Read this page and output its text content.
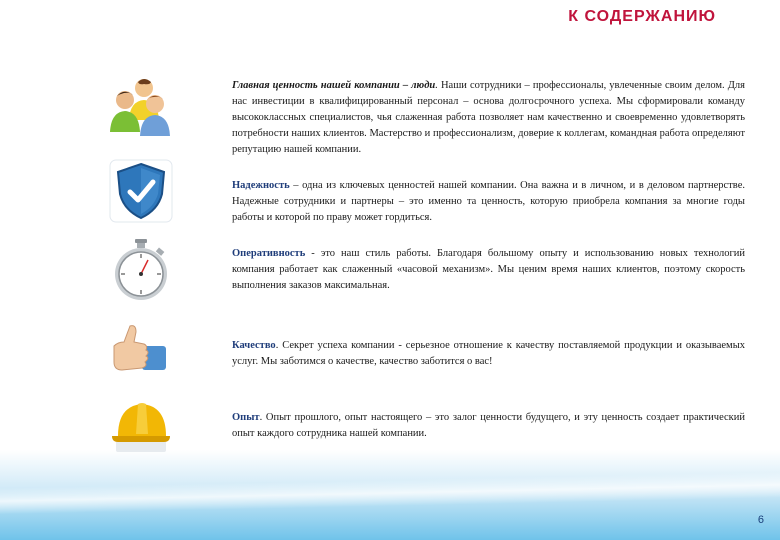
К СОДЕРЖАНИЮ
Главная ценность нашей компании – люди. Наши сотрудники – профессионалы, увлеченные своим делом. Для нас инвестиции в квалифицированный персонал – основа долгосрочного успеха. Мы сформировали команду высококлассных специалистов, чья слаженная работа позволяет нам качественно и своевременно удовлетворять потребности наших клиентов. Мастерство и профессионализм, доверие к коллегам, командная работа определяют репутацию нашей компании.
Надежность – одна из ключевых ценностей нашей компании. Она важна и в личном, и в деловом партнерстве. Надежные сотрудники и партнеры – это именно та ценность, которую приобрела компания за многие годы работы и которой по праву может гордиться.
Оперативность - это наш стиль работы. Благодаря большому опыту и использованию новых технологий компания работает как слаженный «часовой механизм». Мы ценим время наших клиентов, поэтому скорость выполнения заказов максимальная.
Качество. Секрет успеха компании - серьезное отношение к качеству поставляемой продукции и оказываемых услуг. Мы заботимся о качестве, качество заботится о вас!
Опыт. Опыт прошлого, опыт настоящего – это залог ценности будущего, и эту ценность создает практический опыт каждого сотрудника нашей компании.
6
